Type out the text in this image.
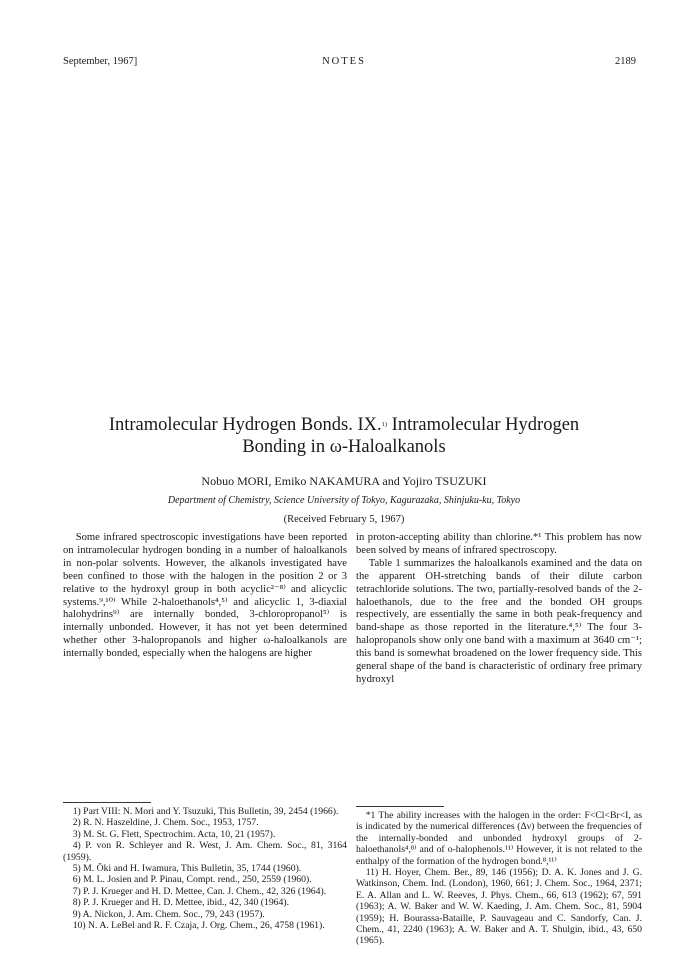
September, 1967]	NOTES	2189
Intramolecular Hydrogen Bonds. IX.$^{1)}$ Intramolecular Hydrogen
Bonding in ω-Haloalkanols
Nobuo MORI, Emiko NAKAMURA and Yojiro TSUZUKI
Department of Chemistry, Science University of Tokyo, Kagurazaka, Shinjuku-ku, Tokyo
(Received February 5, 1967)

Some infrared spectroscopic investigations have been reported on intramolecular hydrogen bonding in a number of haloalkanols in non-polar solvents. However, the alkanols investigated have been confined to those with the halogen in the position 2 or 3 relative to the hydroxyl group in both acyclic²⁻⁸⁾ and alicyclic systems.⁹,¹⁰⁾ While 2-haloethanols⁴,⁵⁾ and alicyclic 1, 3-diaxial halohydrins⁹⁾ are internally bonded, 3-chloropropanol⁵⁾ is internally unbonded. However, it has not yet been determined whether other 3-halopropanols and higher ω-haloalkanols are internally bonded, especially when the halogens are higher

in proton-accepting ability than chlorine.*¹ This problem has now been solved by means of infrared spectroscopy.

Table 1 summarizes the haloalkanols examined and the data on the apparent OH-stretching bands of their dilute carbon tetrachloride solutions. The two, partially-resolved bands of the 2-haloethanols, due to the free and the bonded OH groups respectively, are essentially the same in both peak-frequency and band-shape as those reported in the literature.⁴,⁵⁾ The four 3-halopropanols show only one band with a maximum at 3640 cm⁻¹; this band is somewhat broadened on the lower frequency side. This general shape of the band is characteristic of ordinary free primary hydroxyl

1) Part VIII: N. Mori and Y. Tsuzuki, This Bulletin, 39, 2454 (1966).

2) R. N. Haszeldine, J. Chem. Soc., 1953, 1757.

3) M. St. G. Flett, Spectrochim. Acta, 10, 21 (1957).

4) P. von R. Schleyer and R. West, J. Am. Chem. Soc., 81, 3164 (1959).

5) M. Ōki and H. Iwamura, This Bulletin, 35, 1744 (1960).

6) M. L. Josien and P. Pinau, Compt. rend., 250, 2559 (1960).

7) P. J. Krueger and H. D. Mettee, Can. J. Chem., 42, 326 (1964).

8) P. J. Krueger and H. D. Mettee, ibid., 42, 340 (1964).

9) A. Nickon, J. Am. Chem. Soc., 79, 243 (1957).

10) N. A. LeBel and R. F. Czaja, J. Org. Chem., 26, 4758 (1961).

*1 The ability increases with the halogen in the order: F<Cl<Br<I, as is indicated by the numerical differences (Δν) between the frequencies of the internally-bonded and unbonded hydroxyl groups of 2-haloethanols⁴,⁸⁾ and of o-halophenols.¹¹⁾ However, it is not related to the enthalpy of the formation of the hydrogen bond.⁸,¹¹⁾

11) H. Hoyer, Chem. Ber., 89, 146 (1956); D. A. K. Jones and J. G. Watkinson, Chem. Ind. (London), 1960, 661; J. Chem. Soc., 1964, 2371; E. A. Allan and L. W. Reeves, J. Phys. Chem., 66, 613 (1962); 67, 591 (1963); A. W. Baker and W. W. Kaeding, J. Am. Chem. Soc., 81, 5904 (1959); H. Bourassa-Bataille, P. Sauvageau and C. Sandorfy, Can. J. Chem., 41, 2240 (1963); A. W. Baker and A. T. Shulgin, ibid., 43, 650 (1965).
